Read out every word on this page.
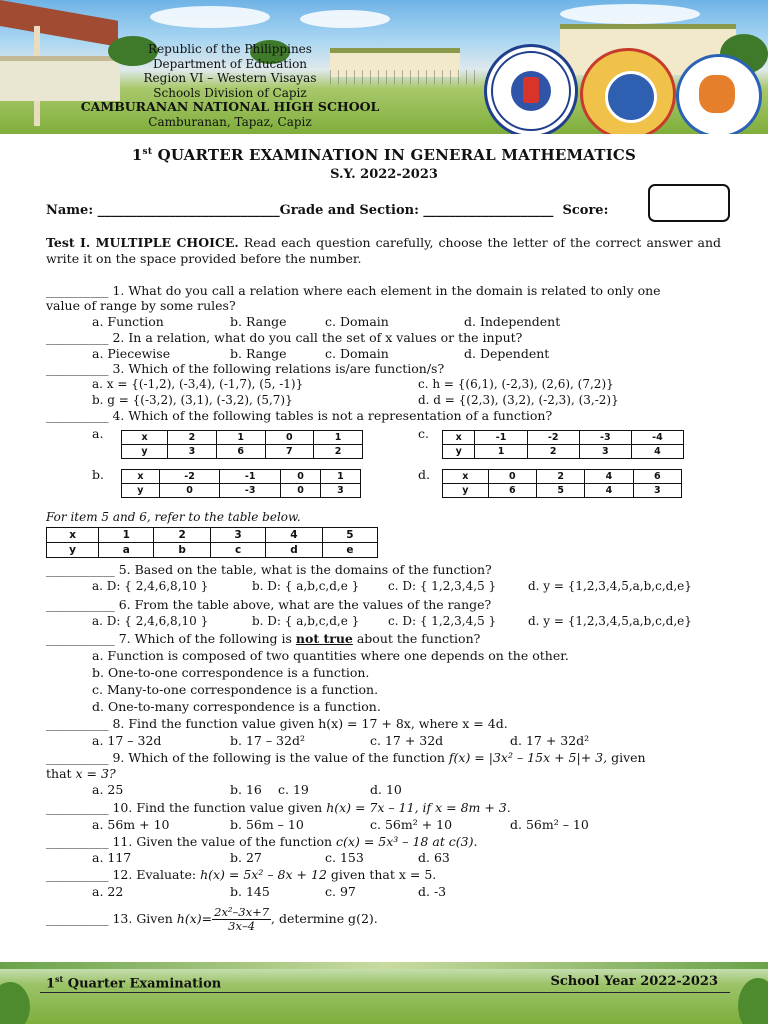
Republic of the Philippines
Department of Education
Region VI – Western Visayas
Schools Division of Capiz
CAMBURANAN NATIONAL HIGH SCHOOL
Camburanan, Tapaz, Capiz
1st QUARTER EXAMINATION IN GENERAL MATHEMATICS
S.Y. 2022-2023
Name: ____________________________Grade and Section: ____________________ Score:
Test I. MULTIPLE CHOICE. Read each question carefully, choose the letter of the correct answer and write it on the space provided before the number.
__________ 1. What do you call a relation where each element in the domain is related to only one
value of range by some rules?
a. Function	b. Range	c. Domain	d. Independent
__________ 2. In a relation, what do you call the set of x values or the input?
a. Piecewise	b. Range	c. Domain	d. Dependent
__________ 3. Which of the following relations is/are function/s?
a. x = {(-1,2), (-3,4), (-1,7), (5, -1)}	c. h = {(6,1), (-2,3), (2,6), (7,2)}
b. g = {(-3,2), (3,1), (-3,2), (5,7)}	d. d = {(2,3), (3,2), (-2,3), (3,-2)}
__________ 4. Which of the following tables is not a representation of a function?
a.	c.
b.	d.
x	2	1	0	1
y	3	6	7	2
x	-1	-2	-3	-4
y	1	2	3	4
x	-2	-1	0	1
y	0	-3	0	3
x	0	2	4	6
y	6	5	4	3
For item 5 and 6, refer to the table below.
x	1	2	3	4	5
y	a	b	c	d	e
___________ 5. Based on the table, what is the domains of the function?
a. D: { 2,4,6,8,10 }	b. D: { a,b,c,d,e } c. D: { 1,2,3,4,5 }	d. y = {1,2,3,4,5,a,b,c,d,e}
___________ 6. From the table above, what are the values of the range?
a. D: { 2,4,6,8,10 }	b. D: { a,b,c,d,e } c. D: { 1,2,3,4,5 }	d. y = {1,2,3,4,5,a,b,c,d,e}
___________ 7. Which of the following is not true about the function?
a. Function is composed of two quantities where one depends on the other.
b. One-to-one correspondence is a function.
c. Many-to-one correspondence is a function.
d. One-to-many correspondence is a function.
__________ 8. Find the function value given h(x) = 17 + 8x, where x = 4d.
a. 17 – 32d	b. 17 – 32d²	c. 17 + 32d	d. 17 + 32d²
__________ 9. Which of the following is the value of the function f(x) = |3x² – 15x + 5|+ 3, given
that x = 3?
a. 25	b. 16 c. 19	d. 10
__________ 10. Find the function value given h(x) = 7x – 11, if x = 8m + 3.
a. 56m + 10	b. 56m – 10	c. 56m² + 10	d. 56m² – 10
__________ 11. Given the value of the function c(x) = 5x³ – 18 at c(3).
a. 117	b. 27	c. 153	d. 63
__________ 12. Evaluate: h(x) = 5x² – 8x + 12 given that x = 5.
a. 22	b. 145	c. 97	d. -3
__________ 13. Given $h(x)= \frac{\text{2x²–3x+7}}{3x-4}$ , determine g(2).
1st Quarter Examination	School Year 2022-2023
